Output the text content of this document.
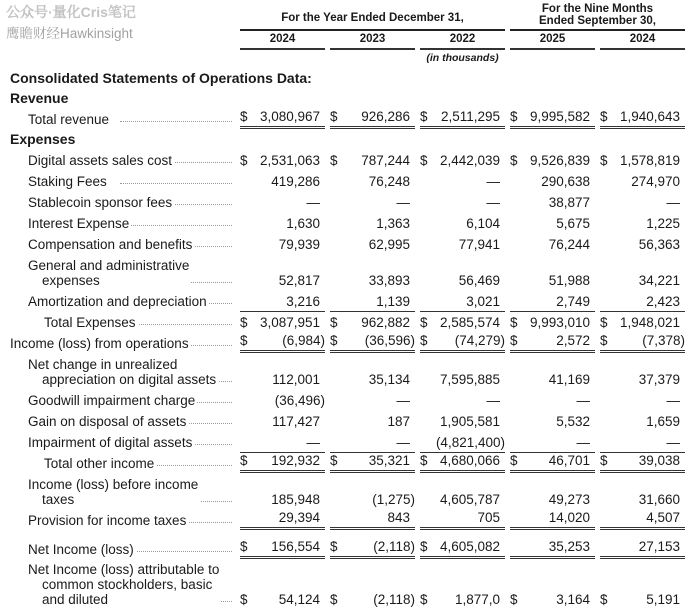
公众号·量化Cris笔记
鹰瞻财经Hawkinsight
For the Year Ended December 31,
For the Nine Months
Ended September 30,
2024	2023	2022	2025	2024
(in thousands)
Consolidated Statements of Operations Data:
Revenue
Total revenue	$ 3,080,967 $ 926,286 $ 2,511,295 $ 9,995,582 $ 1,940,643
Expenses
Digital assets sales cost	$ 2,531,063 $ 787,244 $ 2,442,039 $ 9,526,839 $ 1,578,819
Staking Fees	419,286	76,248	—	290,638	274,970
Stablecoin sponsor fees	—	—	—	38,877	—
Interest Expense	1,630	1,363	6,104	5,675	1,225
Compensation and benefits	79,939	62,995	77,941	76,244	56,363
General and administrative
expenses	52,817	33,893	56,469	51,988	34,221
Amortization and depreciation	3,216	1,139	3,021	2,749	2,423
Total Expenses	$ 3,087,951 $ 962,882 $ 2,585,574 $ 9,993,010 $ 1,948,021
Income (loss) from operations	$	(6,984) $ (36,596) $ (74,279) $	2,572 $	(7,378)
Net change in unrealized
appreciation on digital assets	112,001	35,134	7,595,885	41,169	37,379
Goodwill impairment charge	(36,496)	—	—	—	—
Gain on disposal of assets	117,427	187	1,905,581	5,532	1,659
Impairment of digital assets	—	—	(4,821,400)	—	—
Total other income	$ 192,932 $ 35,321 $ 4,680,066 $ 46,701 $ 39,038
Income (loss) before income
taxes	185,948	(1,275) 4,605,787	49,273	31,660
Provision for income taxes	29,394	843	705	14,020	4,507
Net Income (loss)	$ 156,554 $	(2,118) $ 4,605,082	35,253	27,153
Net Income (loss) attributable to
common stockholders, basic
and diluted	$ 54,124 $	(2,118) $ 1,877,0 $	3,164 $	5,191
